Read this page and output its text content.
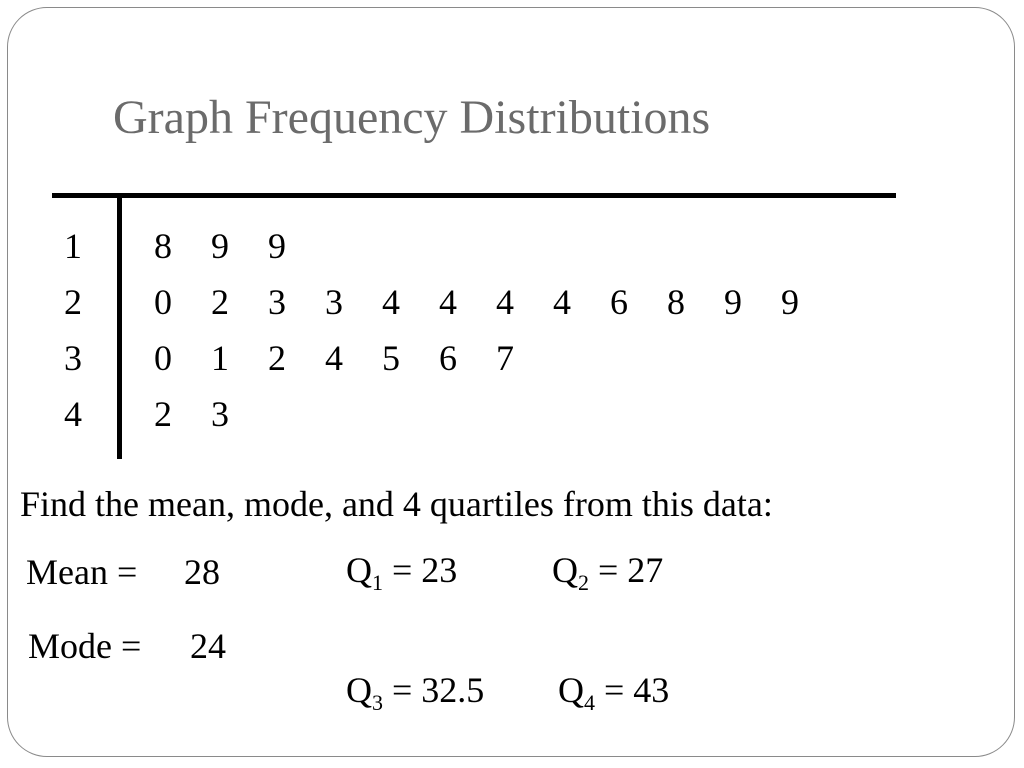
Graph Frequency Distributions
1 8 9 9
2 0 2 3 3 4 4 4 4 6 8 9 9
3 0 1 2 4 5 6 7
4 2 3
Find the mean, mode, and 4 quartiles from this data:
Mean = 28
Mode = 24
$Q_1 = 23$	$Q_2 = 27$
$Q_3 = 32.5$ $Q_4 = 43$
